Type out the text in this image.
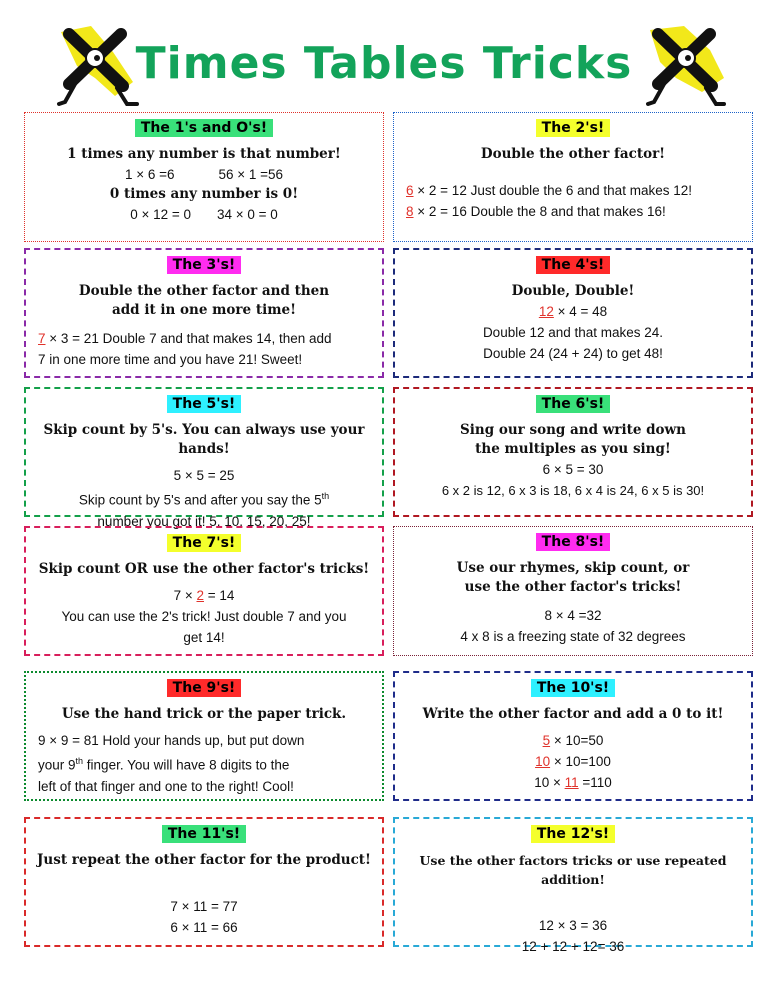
Times Tables Tricks
The 1's and O's!
1 times any number is that number!
1 × 6 =6	56 × 1 =56
0 times any number is 0!
0 × 12 = 0 34 × 0 = 0
The 2's!
Double the other factor!
6 × 2 = 12 Just double the 6 and that makes 12!
8 × 2 = 16 Double the 8 and that makes 16!
The 3's!
Double the other factor and then add it in one more time!
7 × 3 = 21 Double 7 and that makes 14, then add
7 in one more time and you have 21! Sweet!
The 4's!
Double, Double!
12 × 4 = 48
Double 12 and that makes 24.
Double 24 (24 + 24) to get 48!
The 5's!
Skip count by 5's. You can always use your hands!
5 × 5 = 25
Skip count by 5's and after you say the 5th
number you got it! 5, 10, 15, 20, 25!
The 6's!
Sing our song and write down the multiples as you sing!
6 × 5 = 30
6 x 2 is 12, 6 x 3 is 18, 6 x 4 is 24, 6 x 5 is 30!
The 7's!
Skip count OR use the other factor's tricks!
7 × 2 = 14
You can use the 2's trick! Just double 7 and you
get 14!
The 8's!
Use our rhymes, skip count, or use the other factor's tricks!
8 × 4 =32
4 x 8 is a freezing state of 32 degrees
The 9's!
Use the hand trick or the paper trick.
9 × 9 = 81 Hold your hands up, but put down
your 9th finger. You will have 8 digits to the
left of that finger and one to the right! Cool!
The 10's!
Write the other factor and add a 0 to it!
5 × 10=50
10 × 10=100
10 × 11 =110
The 11's!
Just repeat the other factor for the product!
7 × 11 = 77
6 × 11 = 66
The 12's!
Use the other factors tricks or use repeated addition!
12 × 3 = 36
12 + 12 + 12= 36
